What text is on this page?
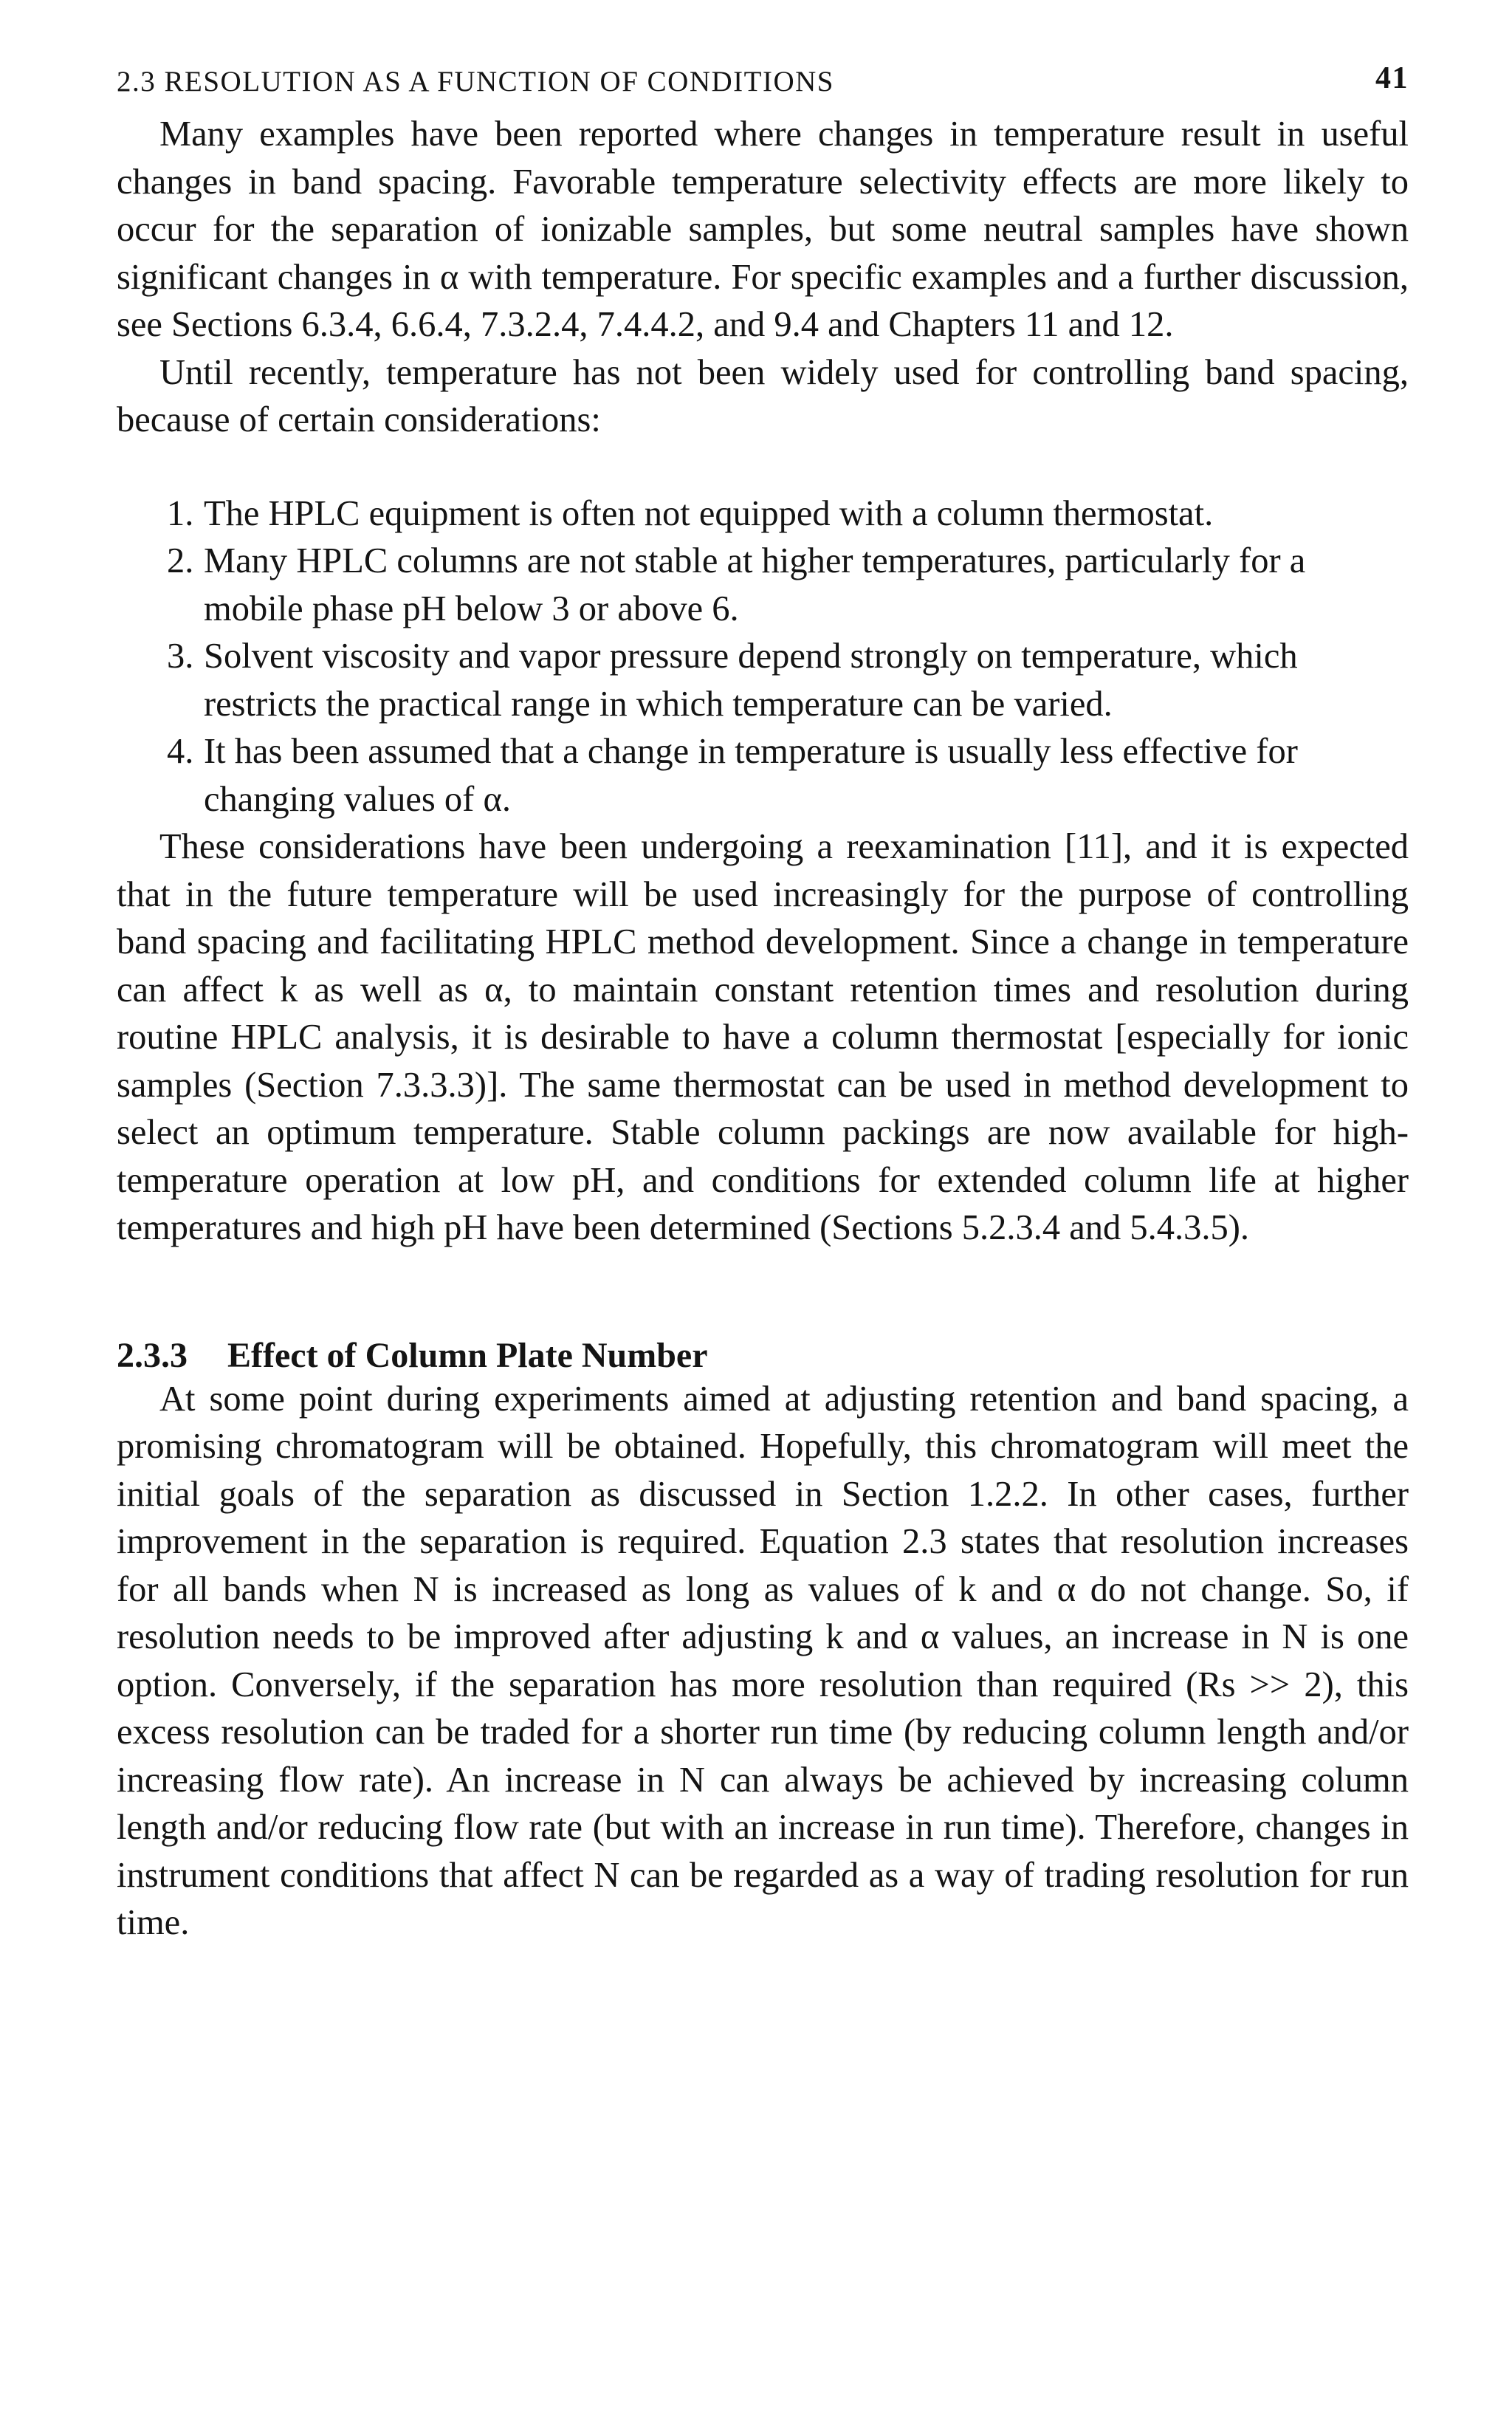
2.3 RESOLUTION AS A FUNCTION OF CONDITIONS	41

Many examples have been reported where changes in temperature result in useful changes in band spacing. Favorable temperature selectivity effects are more likely to occur for the separation of ionizable samples, but some neutral samples have shown significant changes in α with temperature. For specific examples and a further discussion, see Sections 6.3.4, 6.6.4, 7.3.2.4, 7.4.4.2, and 9.4 and Chapters 11 and 12.

Until recently, temperature has not been widely used for controlling band spacing, because of certain considerations:

1. The HPLC equipment is often not equipped with a column thermostat.
2. Many HPLC columns are not stable at higher temperatures, particularly for a mobile phase pH below 3 or above 6.
3. Solvent viscosity and vapor pressure depend strongly on temperature, which restricts the practical range in which temperature can be varied.
4. It has been assumed that a change in temperature is usually less effective for changing values of α.

These considerations have been undergoing a reexamination [11], and it is expected that in the future temperature will be used increasingly for the purpose of controlling band spacing and facilitating HPLC method development. Since a change in temperature can affect k as well as α, to maintain constant retention times and resolution during routine HPLC analysis, it is desirable to have a column thermostat [especially for ionic samples (Section 7.3.3.3)]. The same thermostat can be used in method development to select an optimum temperature. Stable column packings are now available for high-temperature operation at low pH, and conditions for extended column life at higher temperatures and high pH have been determined (Sections 5.2.3.4 and 5.4.3.5).

2.3.3 Effect of Column Plate Number

At some point during experiments aimed at adjusting retention and band spacing, a promising chromatogram will be obtained. Hopefully, this chromatogram will meet the initial goals of the separation as discussed in Section 1.2.2. In other cases, further improvement in the separation is required. Equation 2.3 states that resolution increases for all bands when N is increased as long as values of k and α do not change. So, if resolution needs to be improved after adjusting k and α values, an increase in N is one option. Conversely, if the separation has more resolution than required (Rs >> 2), this excess resolution can be traded for a shorter run time (by reducing column length and/or increasing flow rate). An increase in N can always be achieved by increasing column length and/or reducing flow rate (but with an increase in run time). Therefore, changes in instrument conditions that affect N can be regarded as a way of trading resolution for run time.
